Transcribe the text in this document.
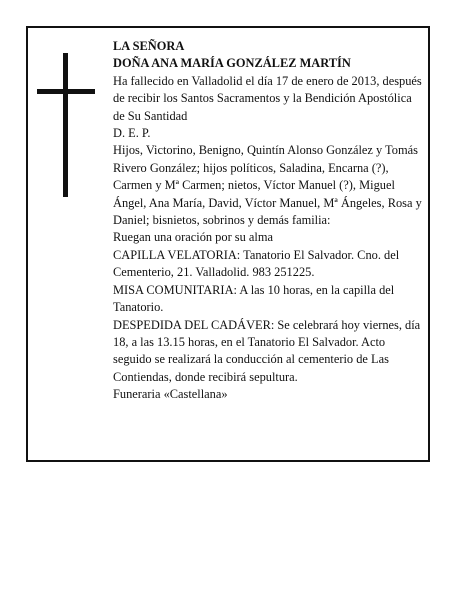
LA SEÑORA

DOÑA ANA MARÍA GONZÁLEZ MARTÍN

Ha fallecido en Valladolid el día 17 de enero de 2013, después de recibir los Santos Sacramentos y la Bendición Apostólica de Su Santidad

D. E. P.

Hijos, Victorino, Benigno, Quintín Alonso González y Tomás Rivero González; hijos políticos, Saladina, Encarna (?), Carmen y Mª Carmen; nietos, Víctor Manuel (?), Miguel Ángel, Ana María, David, Víctor Manuel, Mª Ángeles, Rosa y Daniel; bisnietos, sobrinos y demás familia:

Ruegan una oración por su alma

CAPILLA VELATORIA: Tanatorio El Salvador. Cno. del Cementerio, 21. Valladolid. 983 251225.

MISA COMUNITARIA: A las 10 horas, en la capilla del Tanatorio.

DESPEDIDA DEL CADÁVER: Se celebrará hoy viernes, día 18, a las 13.15 horas, en el Tanatorio El Salvador. Acto seguido se realizará la conducción al cementerio de Las Contiendas, donde recibirá sepultura.

Funeraria «Castellana»
